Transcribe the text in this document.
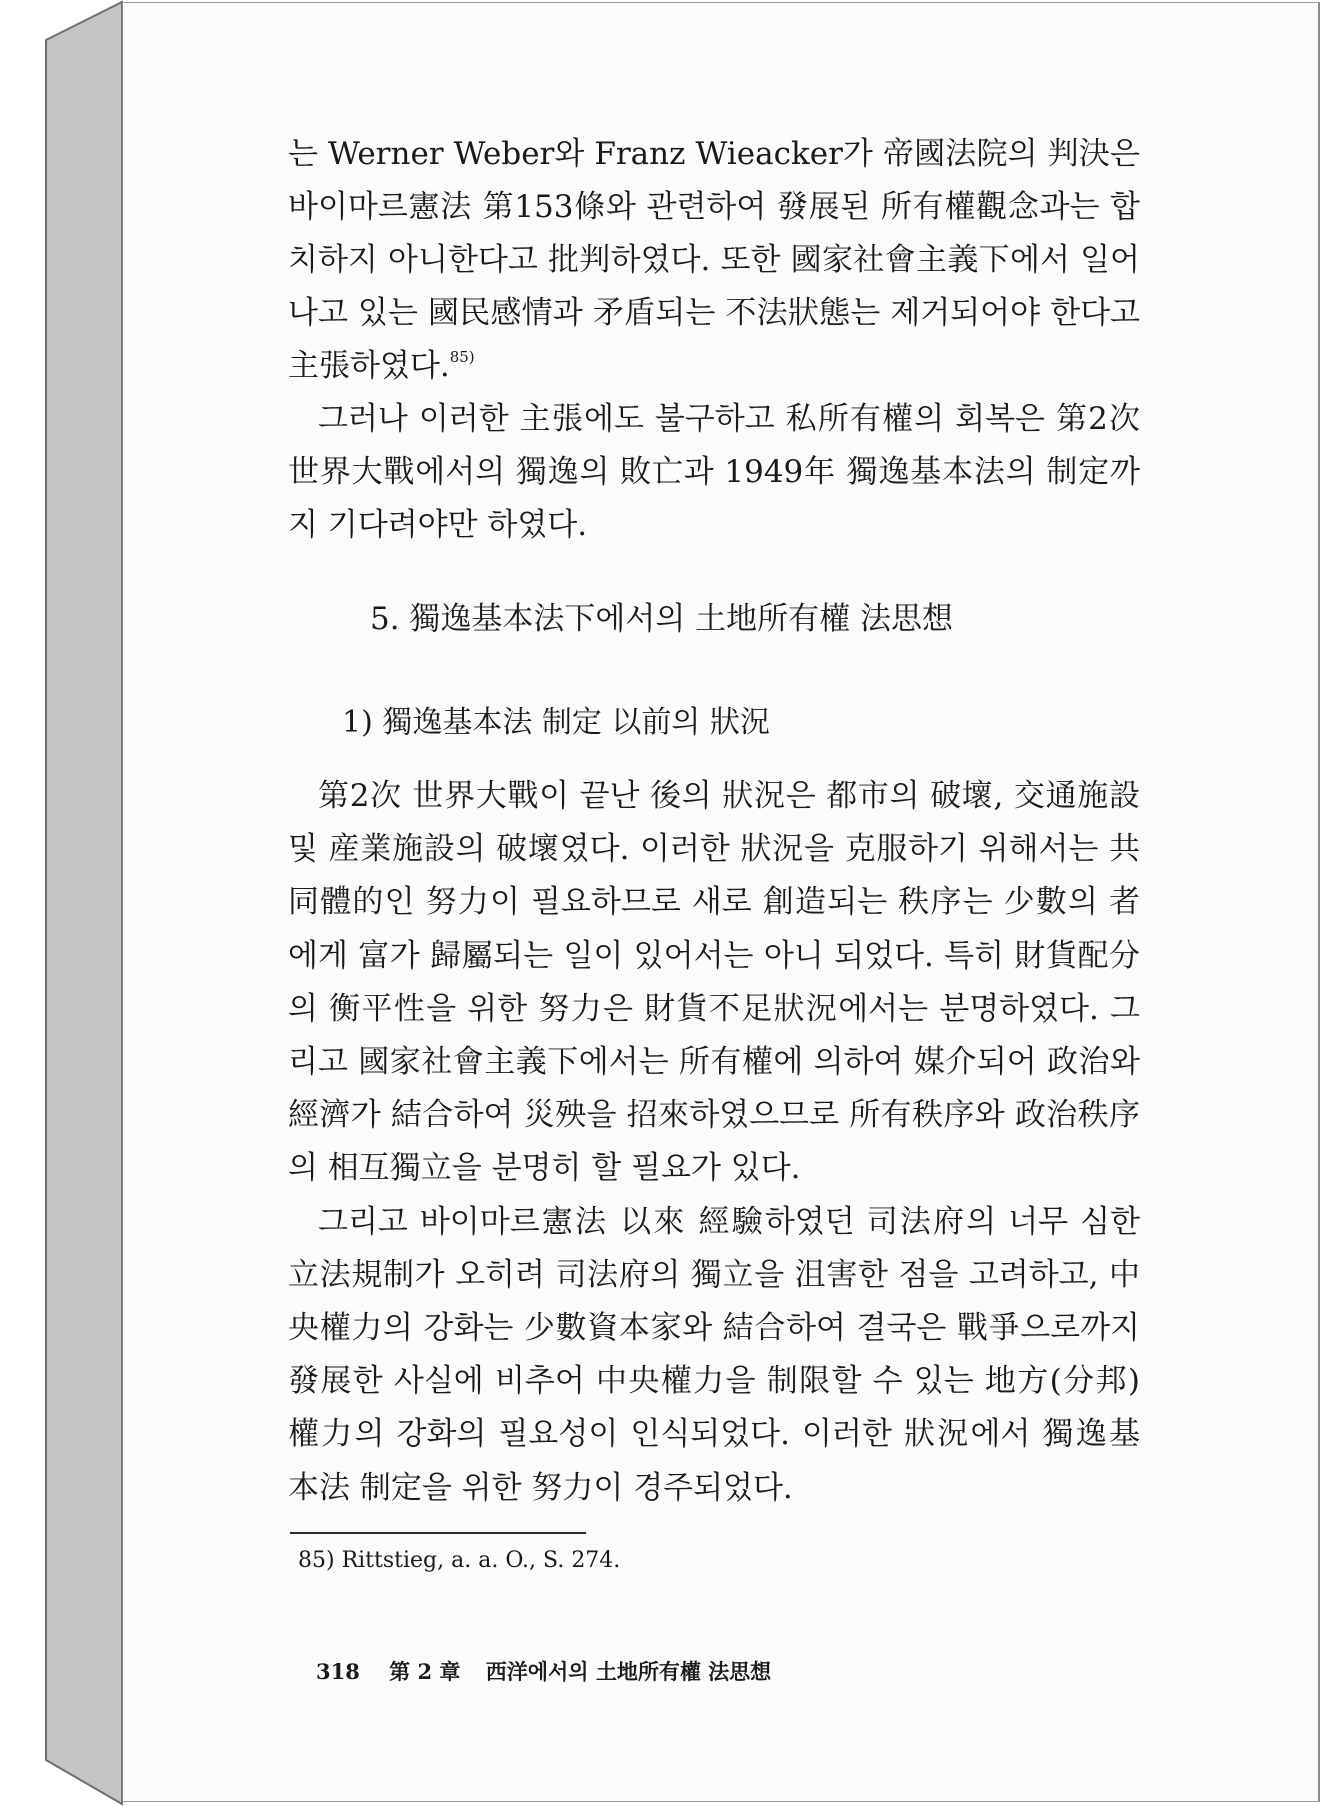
는 Werner Weber와 Franz Wieacker가 帝國法院의 判決은 바이마르憲法 第153條와 관련하여 發展된 所有權觀念과는 합치하지 아니한다고 批判하였다. 또한 國家社會主義下에서 일어나고 있는 國民感情과 矛盾되는 不法狀態는 제거되어야 한다고 主張하였다.$^{85)}$

그러나 이러한 主張에도 불구하고 私所有權의 회복은 第2次 世界大戰에서의 獨逸의 敗亡과 1949年 獨逸基本法의 制定까지 기다려야만 하였다.

5. 獨逸基本法下에서의 土地所有權 法思想
1) 獨逸基本法 制定 以前의 狀況

第2次 世界大戰이 끝난 後의 狀況은 都市의 破壞, 交通施設 및 産業施設의 破壞였다. 이러한 狀況을 克服하기 위해서는 共同體的인 努力이 필요하므로 새로 創造되는 秩序는 少數의 者에게 富가 歸屬되는 일이 있어서는 아니 되었다. 특히 財貨配分의 衡平性을 위한 努力은 財貨不足狀況에서는 분명하였다. 그리고 國家社會主義下에서는 所有權에 의하여 媒介되어 政治와 經濟가 結合하여 災殃을 招來하였으므로 所有秩序와 政治秩序의 相互獨立을 분명히 할 필요가 있다.

그리고 바이마르憲法 以來 經驗하였던 司法府의 너무 심한 立法規制가 오히려 司法府의 獨立을 沮害한 점을 고려하고, 中央權力의 강화는 少數資本家와 結合하여 결국은 戰爭으로까지 發展한 사실에 비추어 中央權力을 制限할 수 있는 地方(分邦)權力의 강화의 필요성이 인식되었다. 이러한 狀況에서 獨逸基本法 制定을 위한 努力이 경주되었다.

85) Rittstieg, a. a. O., S. 274.
318 第 2 章 西洋에서의 土地所有權 法思想
